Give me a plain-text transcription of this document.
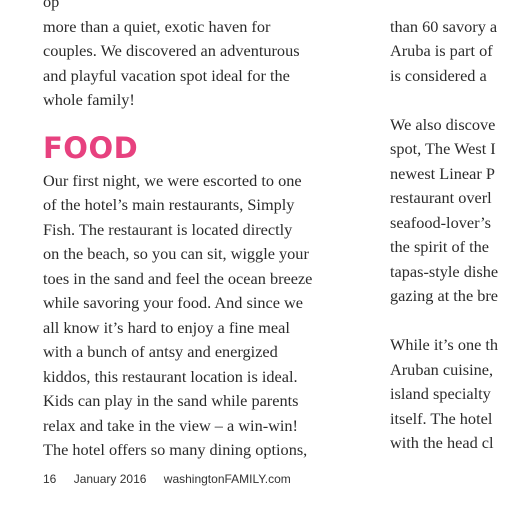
op
more than a quiet, exotic haven for
couples. We discovered an adventurous
and playful vacation spot ideal for the
whole family!
FOOD
Our first night, we were escorted to one
of the hotel’s main restaurants, Simply
Fish. The restaurant is located directly
on the beach, so you can sit, wiggle your
toes in the sand and feel the ocean breeze
while savoring your food. And since we
all know it’s hard to enjoy a fine meal
with a bunch of antsy and energized
kiddos, this restaurant location is ideal.
Kids can play in the sand while parents
relax and take in the view – a win-win!
The hotel offers so many dining options,

than 60 savory a
Aruba is part of
is considered a
We also discove
spot, The West I
newest Linear P
restaurant overl
seafood-lover’s
the spirit of the
tapas-style dishe
gazing at the bre
While it’s one th
Aruban cuisine,
island specialty
itself. The hotel
with the head cl
16 January 2016 washingtonFAMILY.com
